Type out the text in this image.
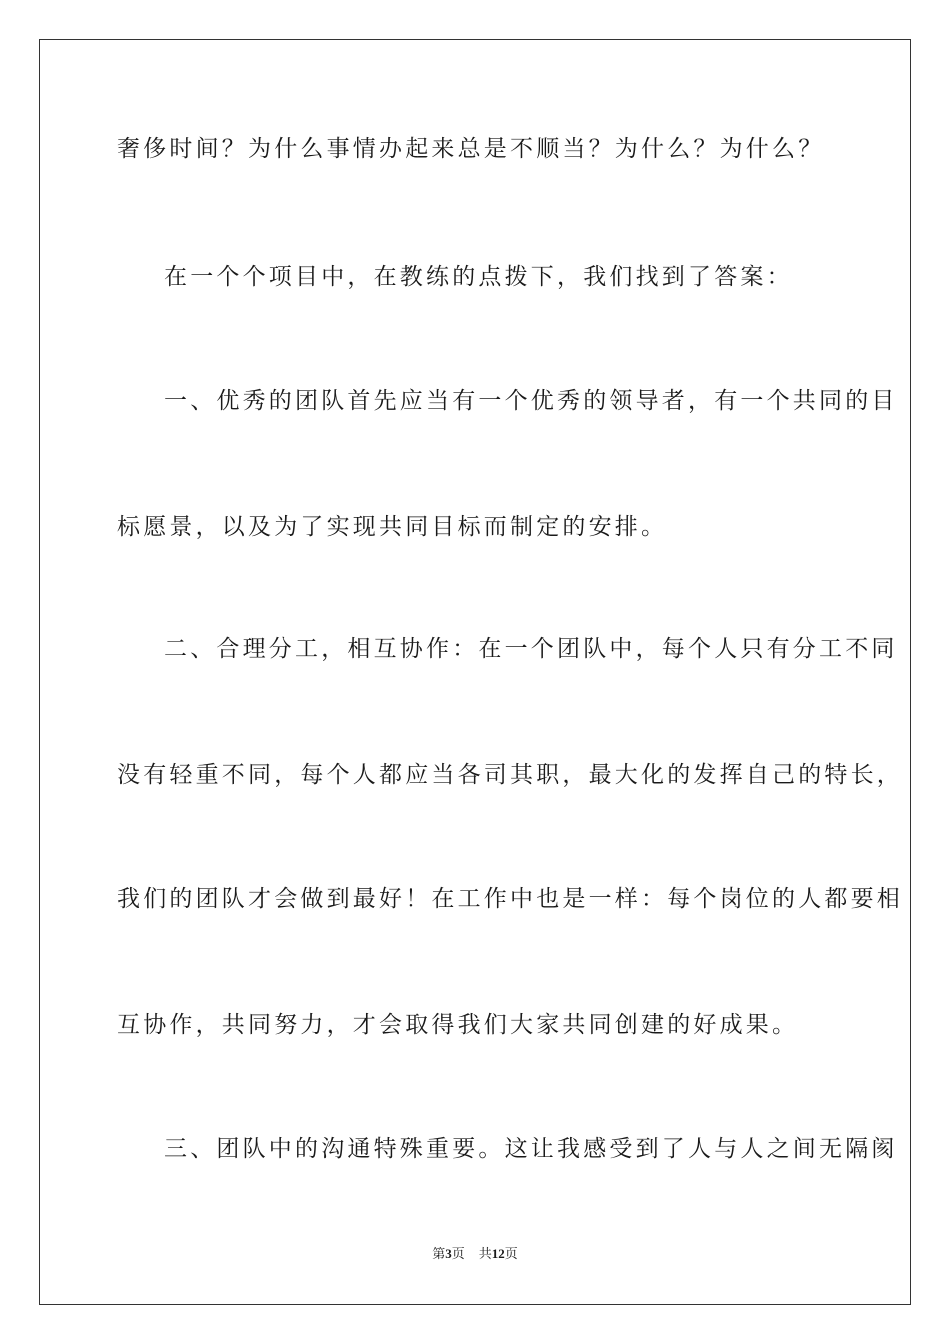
奢侈时间？为什么事情办起来总是不顺当？为什么？为什么？
在一个个项目中，在教练的点拨下，我们找到了答案：
一、优秀的团队首先应当有一个优秀的领导者，有一个共同的目
标愿景，以及为了实现共同目标而制定的安排。
二、合理分工，相互协作：在一个团队中，每个人只有分工不同
没有轻重不同，每个人都应当各司其职，最大化的发挥自己的特长，
我们的团队才会做到最好！在工作中也是一样：每个岗位的人都要相
互协作，共同努力，才会取得我们大家共同创建的好成果。
三、团队中的沟通特殊重要。这让我感受到了人与人之间无隔阂
第3页 共12页
